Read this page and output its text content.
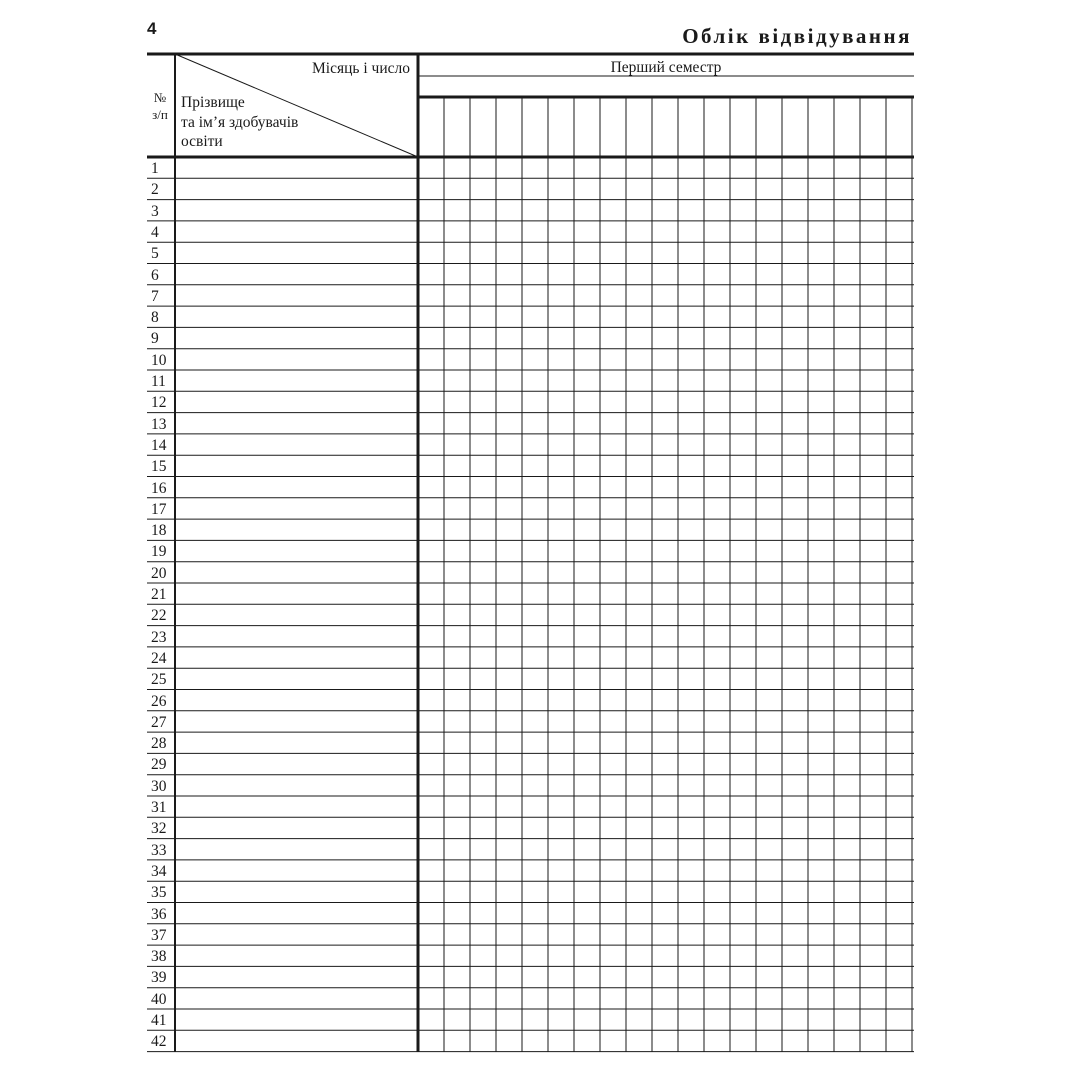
4	Облік відвідування
Місяць і число	Перший семестр
№
з/п
Прізвище
та ім’я здобувачів
освіти
1
2
3
4
5
6
7
8
9
10
11
12
13
14
15
16
17
18
19
20
21
22
23
24
25
26
27
28
29
30
31
32
33
34
35
36
37
38
39
40
41
42
